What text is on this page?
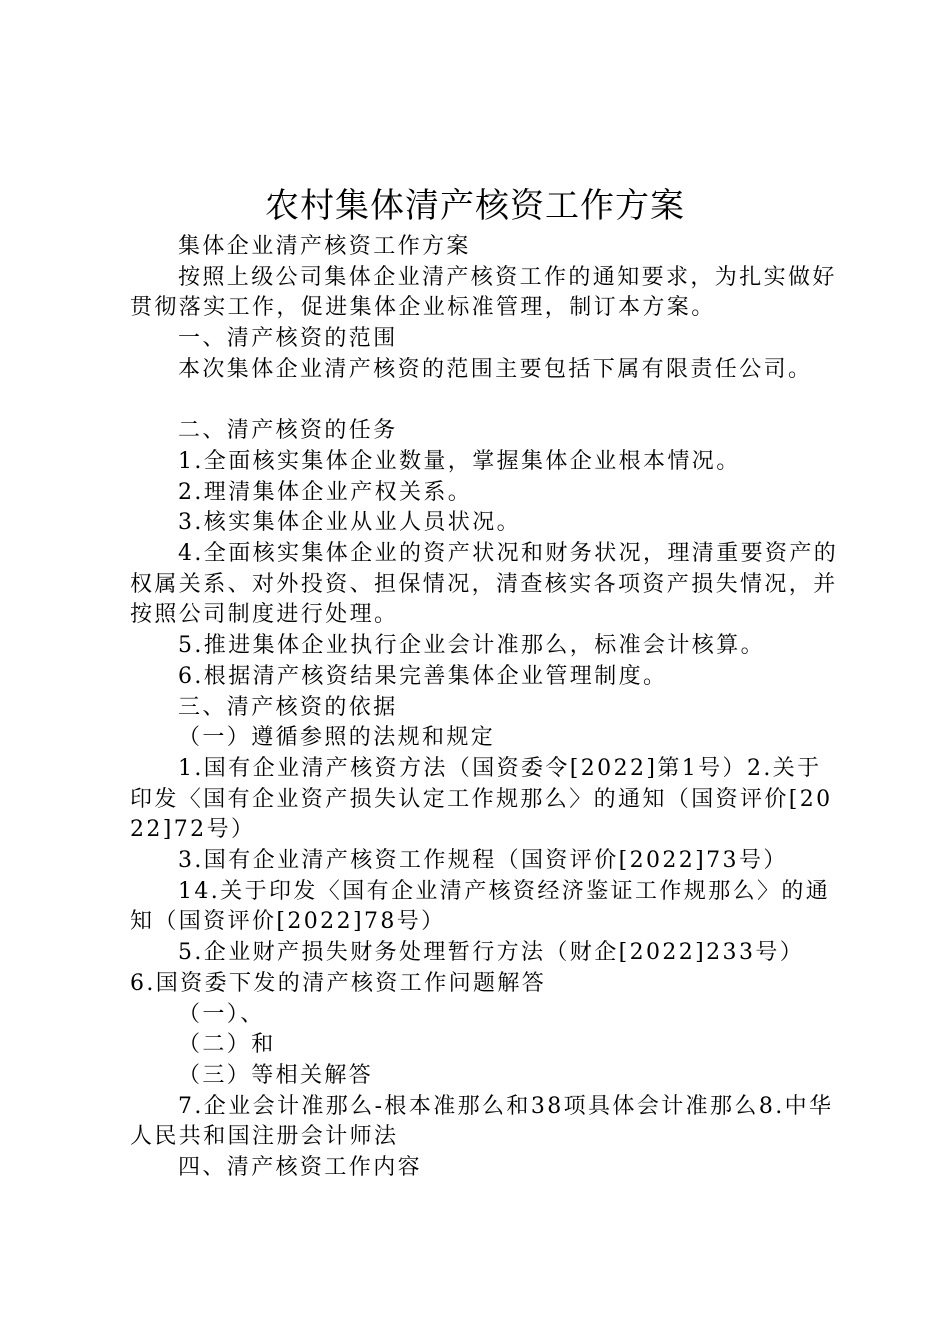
农村集体清产核资工作方案

集体企业清产核资工作方案

按照上级公司集体企业清产核资工作的通知要求，为扎实做好贯彻落实工作，促进集体企业标准管理，制订本方案。

一、清产核资的范围

本次集体企业清产核资的范围主要包括下属有限责任公司。

二、清产核资的任务

1.全面核实集体企业数量，掌握集体企业根本情况。

2.理清集体企业产权关系。

3.核实集体企业从业人员状况。

4.全面核实集体企业的资产状况和财务状况，理清重要资产的权属关系、对外投资、担保情况，清查核实各项资产损失情况，并按照公司制度进行处理。

5.推进集体企业执行企业会计准那么，标准会计核算。

6.根据清产核资结果完善集体企业管理制度。

三、清产核资的依据

（一）遵循参照的法规和规定

1.国有企业清产核资方法（国资委令[2022]第1号）2.关于印发〈国有企业资产损失认定工作规那么〉的通知（国资评价[2022]72号）

3.国有企业清产核资工作规程（国资评价[2022]73号）

14.关于印发〈国有企业清产核资经济鉴证工作规那么〉的通知（国资评价[2022]78号）

5.企业财产损失财务处理暂行方法（财企[2022]233号）

6.国资委下发的清产核资工作问题解答

（一）、

（二）和

（三）等相关解答

7.企业会计准那么-根本准那么和38项具体会计准那么8.中华人民共和国注册会计师法

四、清产核资工作内容
